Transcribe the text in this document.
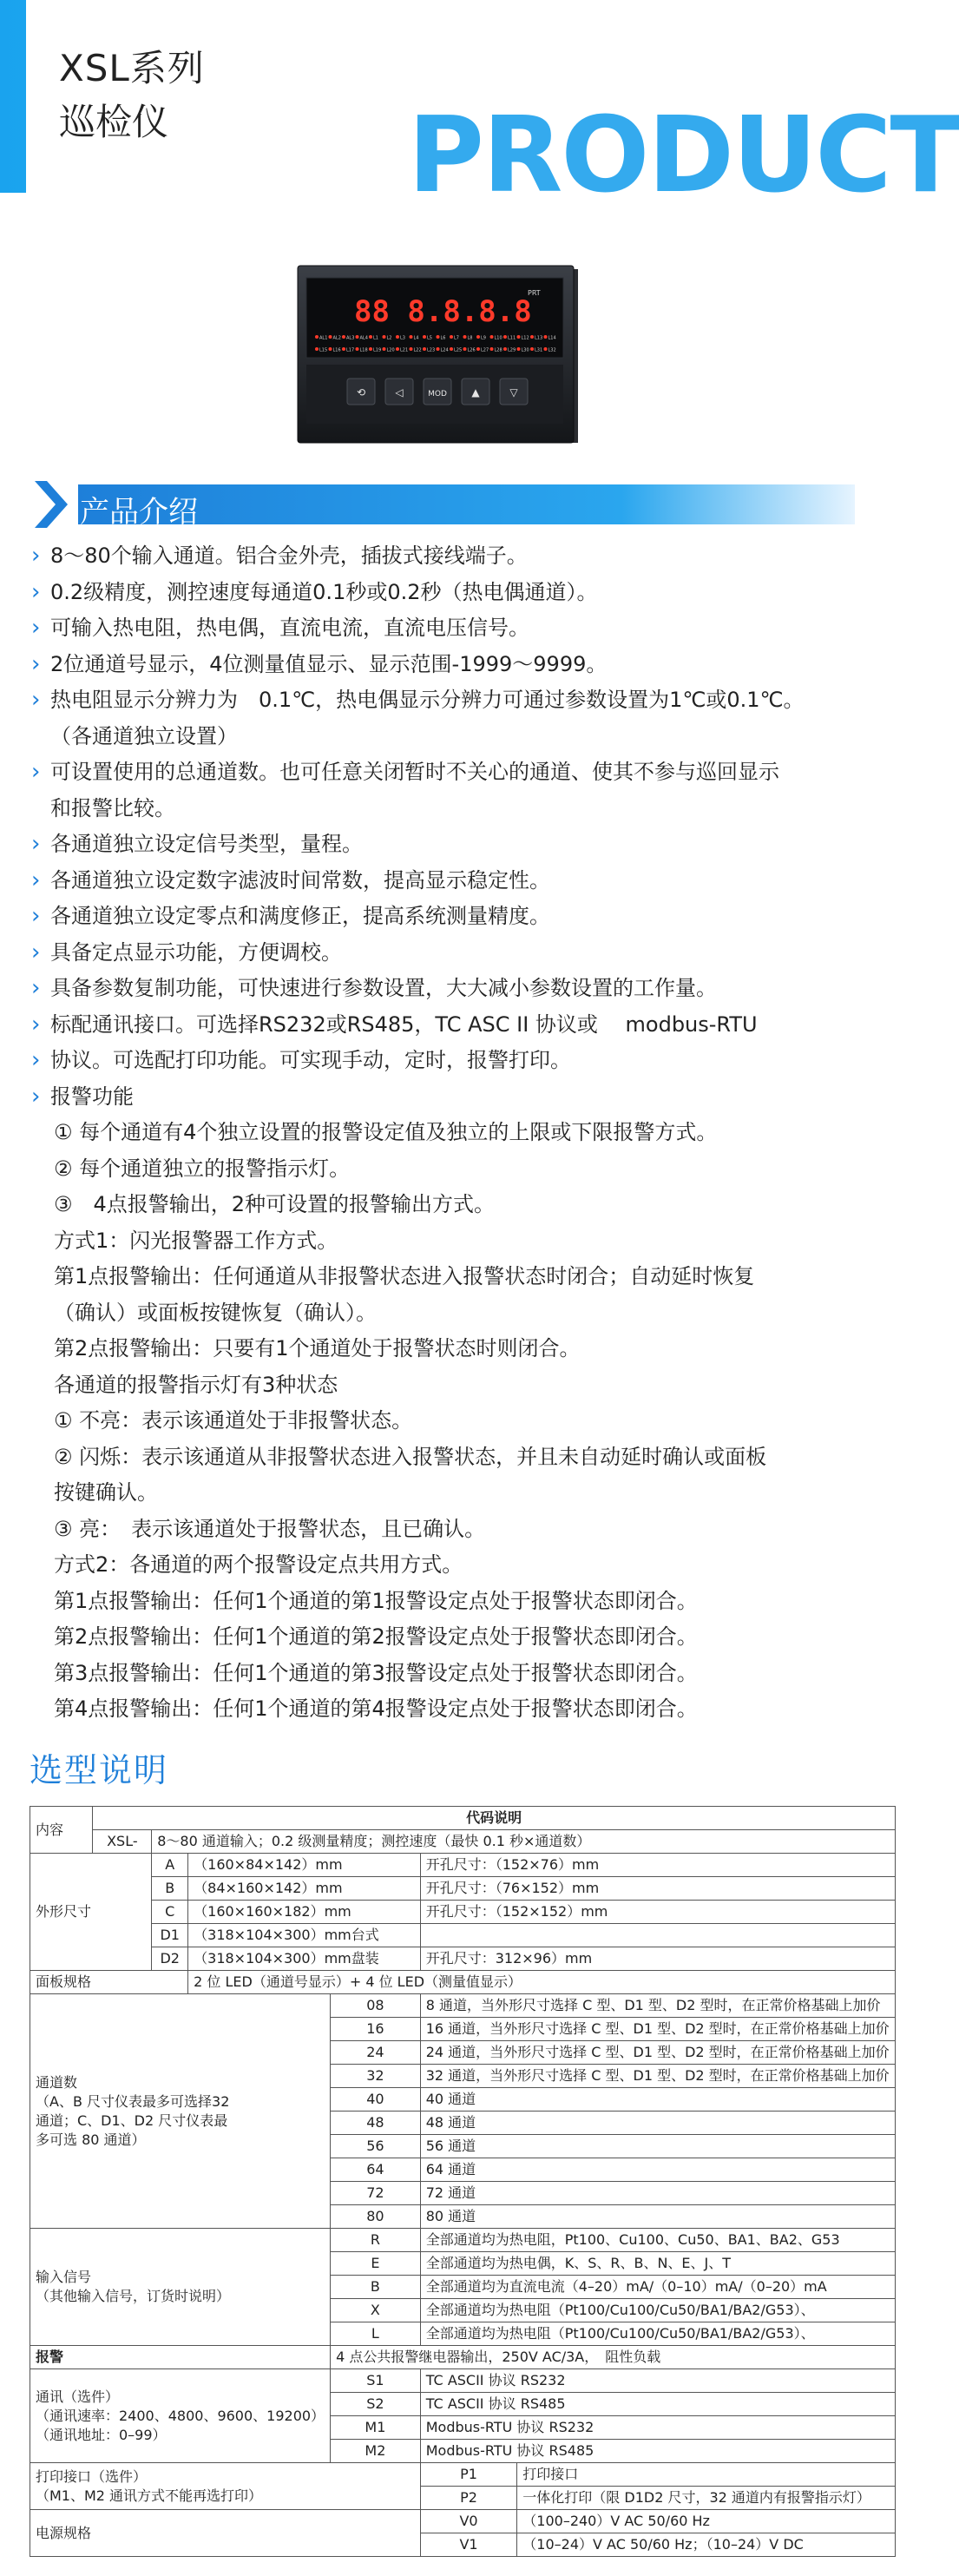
PRODUCT
XSL系列
巡检仪
88 8.8.8.8
PRT
AL1 AL2 AL3 AL4 L1 L2 L3 L4 L5 L6 L7 L8 L9 L10 L11 L12 L13 L14
L15 L16 L17 L18 L19 L20 L21 L22 L23 L24 L25 L26 L27 L28 L29 L30 L31 L32
⟲	◁	MOD ▲	▽
产品介绍
› 8～80个输入通道。铝合金外壳，插拔式接线端子。
› 0.2级精度，测控速度每通道0.1秒或0.2秒（热电偶通道）。
› 可输入热电阻，热电偶，直流电流，直流电压信号。
› 2位通道号显示，4位测量值显示、显示范围-1999～9999。
› 热电阻显示分辨力为　0.1℃，热电偶显示分辨力可通过参数设置为1℃或0.1℃。
（各通道独立设置）
› 可设置使用的总通道数。也可任意关闭暂时不关心的通道、使其不参与巡回显示
和报警比较。
› 各通道独立设定信号类型，量程。
› 各通道独立设定数字滤波时间常数，提高显示稳定性。
› 各通道独立设定零点和满度修正，提高系统测量精度。
› 具备定点显示功能，方便调校。
› 具备参数复制功能，可快速进行参数设置，大大减小参数设置的工作量。
› 标配通讯接口。可选择RS232或RS485，TC ASC II 协议或　 modbus-RTU
› 协议。可选配打印功能。可实现手动，定时，报警打印。
› 报警功能
① 每个通道有4个独立设置的报警设定值及独立的上限或下限报警方式。
② 每个通道独立的报警指示灯。
③　4点报警输出，2种可设置的报警输出方式。
方式1：闪光报警器工作方式。
第1点报警输出：任何通道从非报警状态进入报警状态时闭合；自动延时恢复
（确认）或面板按键恢复（确认）。
第2点报警输出：只要有1个通道处于报警状态时则闭合。
各通道的报警指示灯有3种状态
① 不亮：表示该通道处于非报警状态。
② 闪烁：表示该通道从非报警状态进入报警状态，并且未自动延时确认或面板
按键确认。
③ 亮：　表示该通道处于报警状态，且已确认。
方式2：各通道的两个报警设定点共用方式。
第1点报警输出：任何1个通道的第1报警设定点处于报警状态即闭合。
第2点报警输出：任何1个通道的第2报警设定点处于报警状态即闭合。
第3点报警输出：任何1个通道的第3报警设定点处于报警状态即闭合。
第4点报警输出：任何1个通道的第4报警设定点处于报警状态即闭合。
选型说明
内容	代码说明					
	XSL-	8～80 通道输入；0.2 级测量精度；测控速度（最快 0.1 秒×通道数）				
外形尺寸		A	（160×84×142）mm		开孔尺寸：（152×76）mm	
		B	（84×160×142）mm		开孔尺寸：（76×152）mm	
		C	（160×160×182）mm		开孔尺寸：（152×152）mm	
		D1	（318×104×300）mm台式			
		D2	（318×104×300）mm盘装		开孔尺寸：312×96）mm	
面板规格			2 位 LED（通道号显示）+ 4 位 LED（测量值显示）			

通道数
（A、B 尺寸仪表最多可选择32
通道；C、D1、D2 尺寸仪表最
多可选 80 通道）				08	8 通道，当外形尺寸选择 C 型、D1 型、D2 型时，在正常价格基础上加价	
				16	16 通道，当外形尺寸选择 C 型、D1 型、D2 型时，在正常价格基础上加价	
				24	24 通道，当外形尺寸选择 C 型、D1 型、D2 型时，在正常价格基础上加价	
				32	32 通道，当外形尺寸选择 C 型、D1 型、D2 型时，在正常价格基础上加价	
				40	40 通道	
				48	48 通道	
				56	56 通道	
				64	64 通道	
				72	72 通道	
				80	80 通道	

输入信号
（其他输入信号，订货时说明）				R	全部通道均为热电阻，Pt100、Cu100、Cu50、BA1、BA2、G53	
				E	全部通道均为热电偶，K、S、R、B、N、E、J、T	
				B	全部通道均为直流电流（4–20）mA/（0–10）mA/（0–20）mA	
				X	全部通道均为热电阻（Pt100/Cu100/Cu50/BA1/BA2/G53）、	
				L	全部通道均为热电阻（Pt100/Cu100/Cu50/BA1/BA2/G53）、	
报警				4 点公共报警继电器输出，250V AC/3A，　阻性负载		

通讯（选件）
（通讯速率：2400、4800、9600、19200）
（通讯地址：0–99）				S1	TC ASCII 协议 RS232	
				S2	TC ASCII 协议 RS485	
				M1	Modbus-RTU 协议 RS232	
				M2	Modbus-RTU 协议 RS485	

打印接口（选件）
（M1、M2 通讯方式不能再选打印）					P1	打印接口
					P2	一体化打印（限 D1D2 尺寸，32 通道内有报警指示灯）
电源规格					V0	（100–240）V AC 50/60 Hz
					V1	（10–24）V AC 50/60 Hz；（10–24）V DC
